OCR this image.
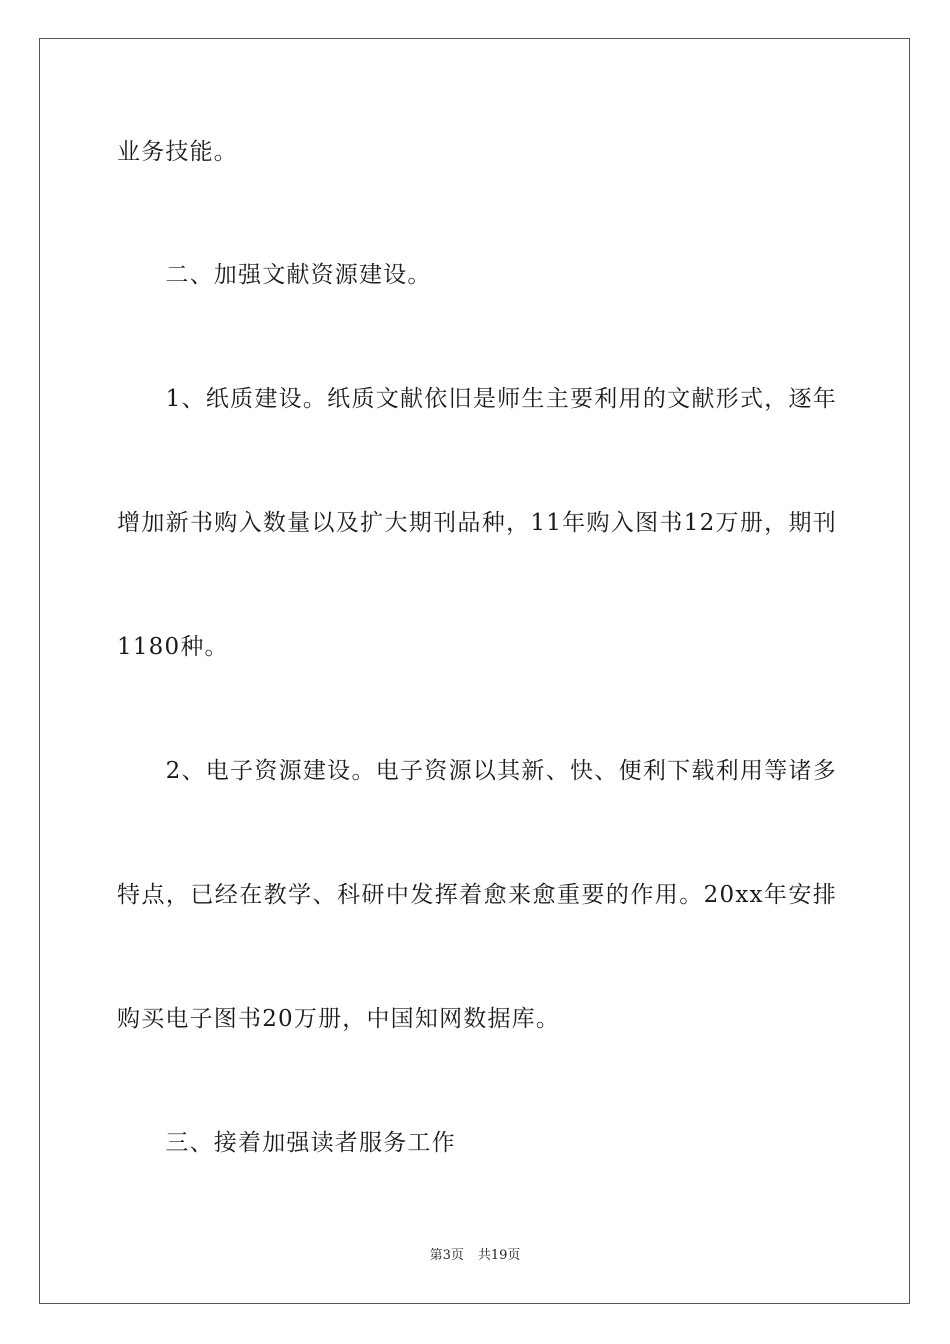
业务技能。
　　二、加强文献资源建设。
　　1、纸质建设。纸质文献依旧是师生主要利用的文献形式，逐年
增加新书购入数量以及扩大期刊品种，11年购入图书12万册，期刊
1180种。
　　2、电子资源建设。电子资源以其新、快、便利下载利用等诸多
特点，已经在教学、科研中发挥着愈来愈重要的作用。20xx年安排
购买电子图书20万册，中国知网数据库。
　　三、接着加强读者服务工作
第3页 共19页
